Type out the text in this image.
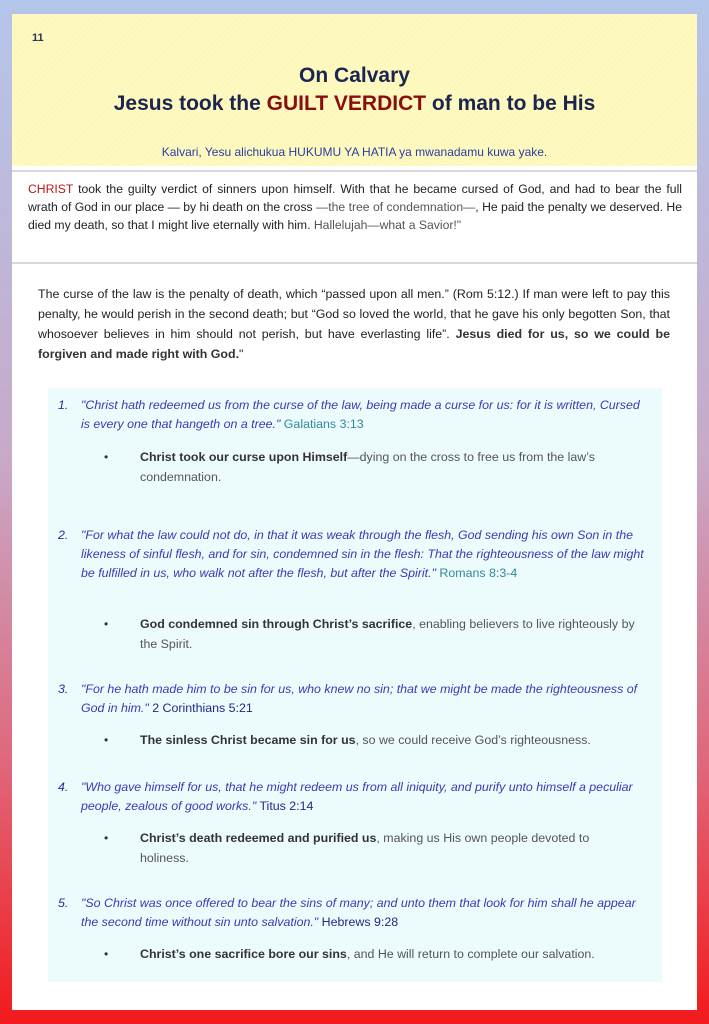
11
On Calvary
Jesus took the GUILT VERDICT of man to be His
Kalvari, Yesu alichukua HUKUMU YA HATIA ya mwanadamu kuwa yake.

CHRIST took the guilty verdict of sinners upon himself. With that he became cursed of God, and had to bear the full wrath of God in our place — by hi death on the cross —the tree of condemnation—, He paid the penalty we deserved. He died my death, so that I might live eternally with him. Hallelujah—what a Savior!"

The curse of the law is the penalty of death, which “passed upon all men.” (Rom 5:12.) If man were left to pay this penalty, he would perish in the second death; but “God so loved the world, that he gave his only begotten Son, that whosoever believes in him should not perish, but have everlasting life”. Jesus died for us, so we could be forgiven and made right with God."

1. "Christ hath redeemed us from the curse of the law, being made a curse for us: for it is written, Cursed is every one that hangeth on a tree." Galatians 3:13

•	Christ took our curse upon Himself—dying on the cross to free us from the law’s condemnation.

2. "For what the law could not do, in that it was weak through the flesh, God sending his own Son in the likeness of sinful flesh, and for sin, condemned sin in the flesh: That the righteousness of the law might be fulfilled in us, who walk not after the flesh, but after the Spirit." Romans 8:3-4

•	God condemned sin through Christ’s sacrifice, enabling believers to live righteously by the Spirit.

3. "For he hath made him to be sin for us, who knew no sin; that we might be made the righteousness of God in him." 2 Corinthians 5:21

•	The sinless Christ became sin for us, so we could receive God’s righteousness.

4. "Who gave himself for us, that he might redeem us from all iniquity, and purify unto himself a peculiar people, zealous of good works." Titus 2:14

•	Christ’s death redeemed and purified us, making us His own people devoted to holiness.

5. "So Christ was once offered to bear the sins of many; and unto them that look for him shall he appear the second time without sin unto salvation." Hebrews 9:28

•	Christ’s one sacrifice bore our sins, and He will return to complete our salvation.
